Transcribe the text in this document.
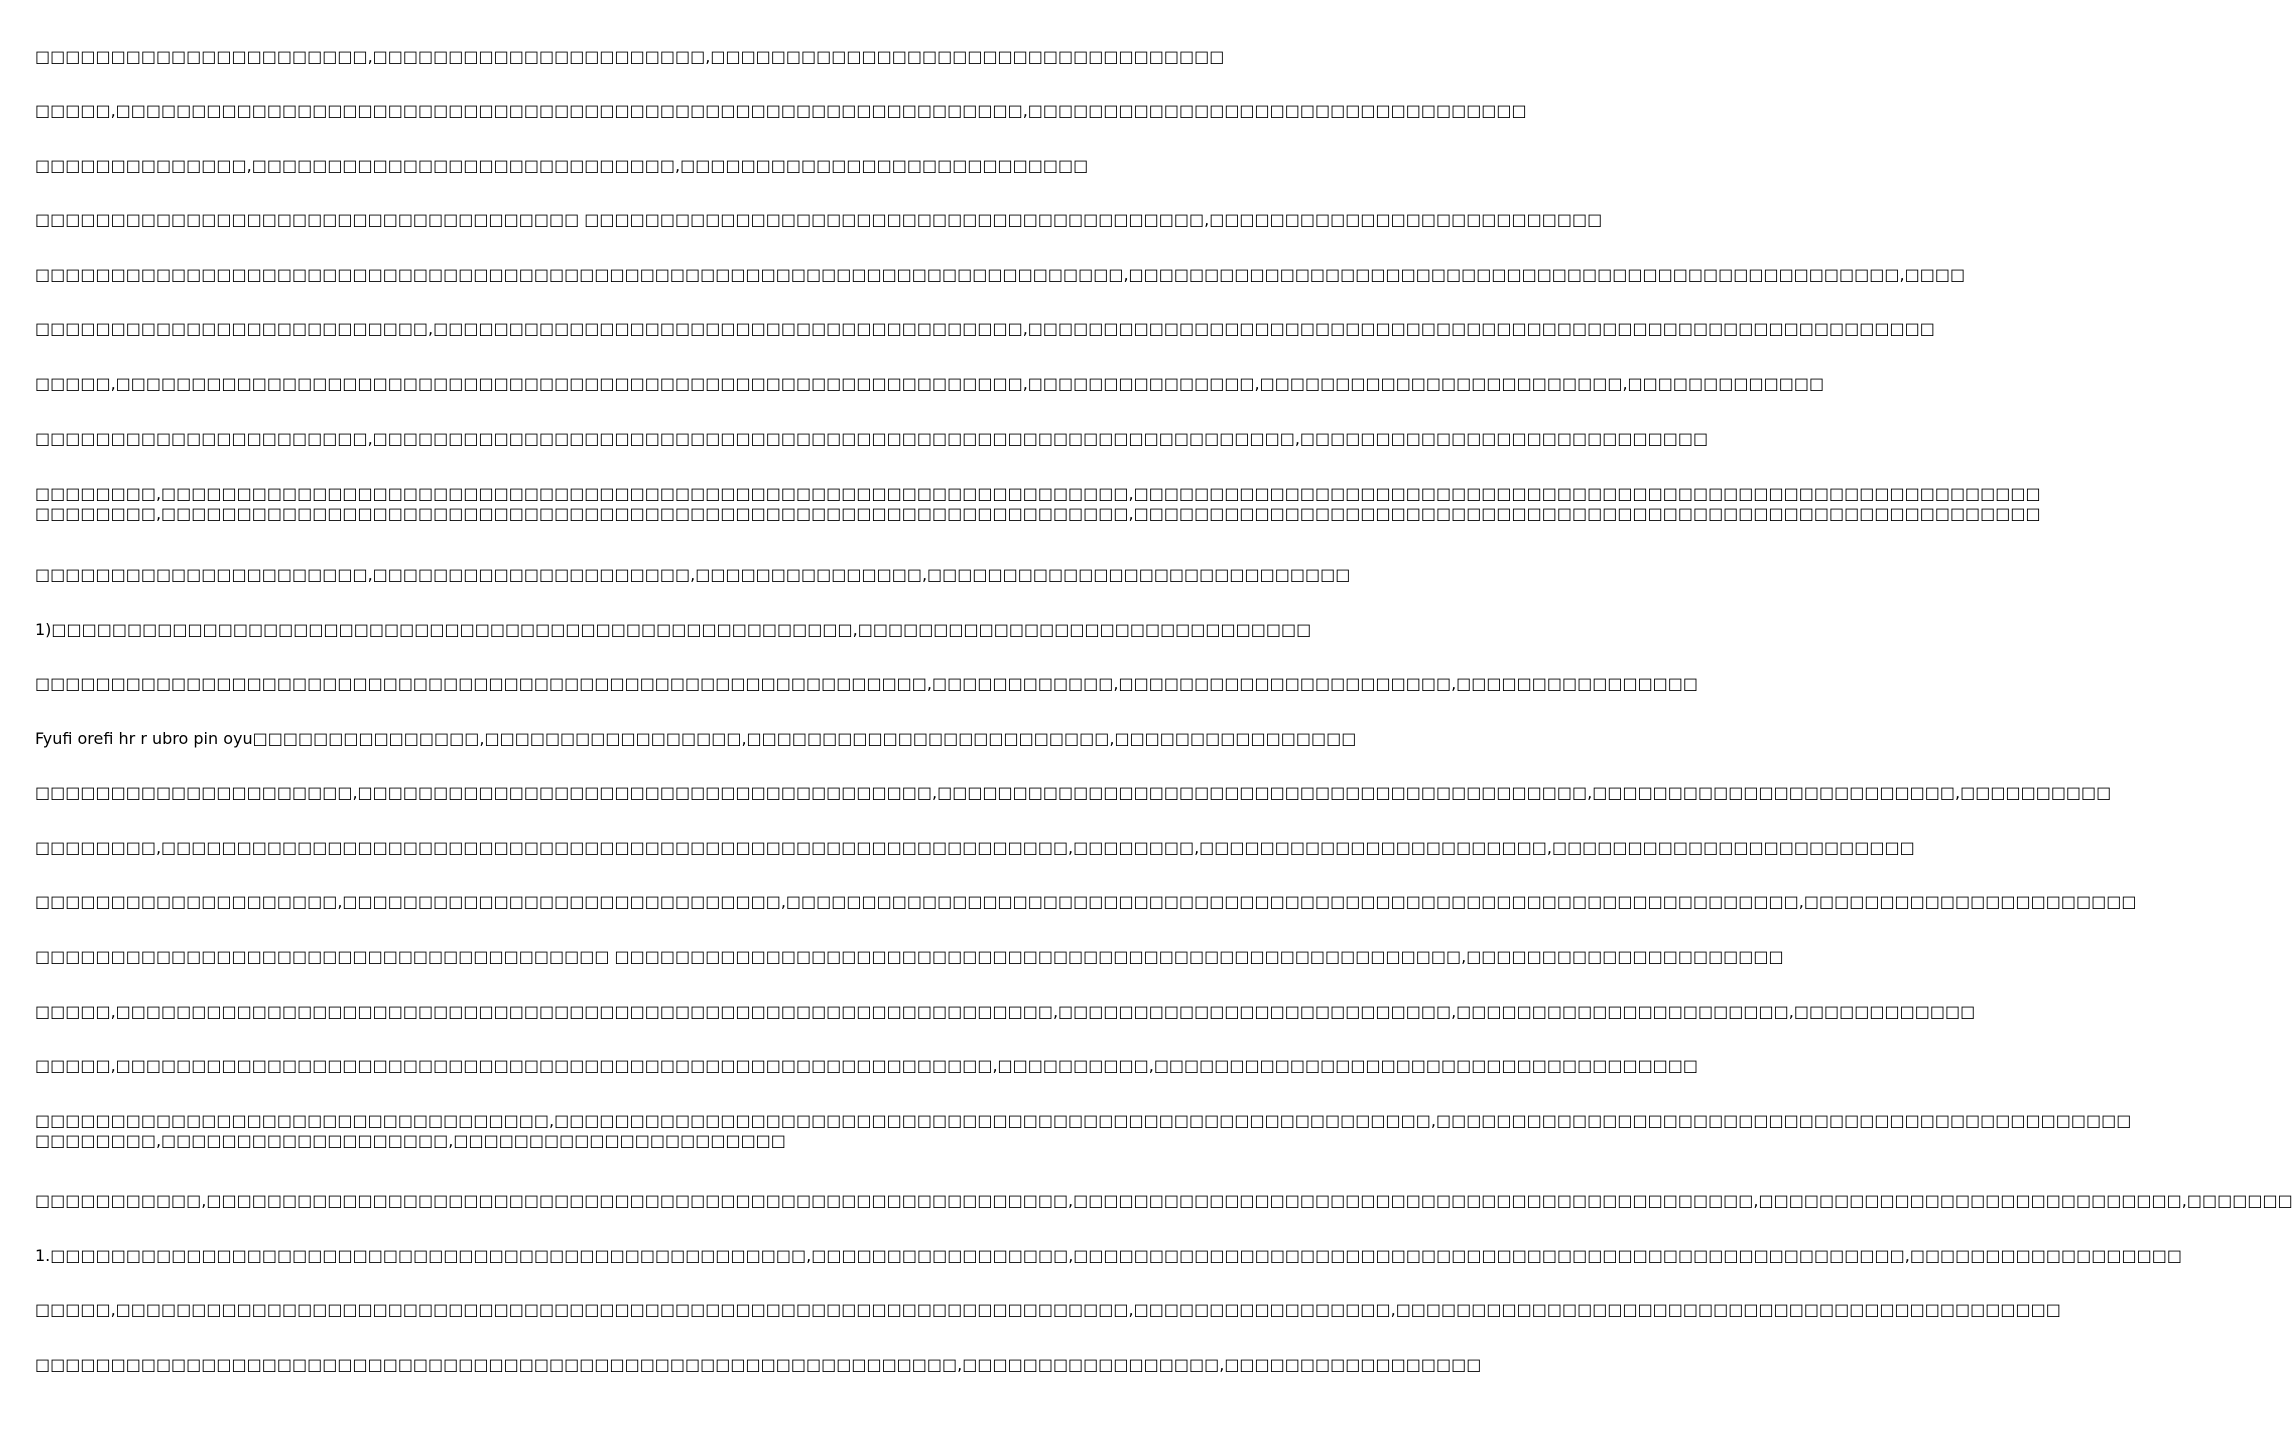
□□□□□□□□□□□□□□□□□□□□□□,□□□□□□□□□□□□□□□□□□□□□□,□□□□□□□□□□□□□□□□□□□□□□□□□□□□□□□□□□

□□□□□,□□□□□□□□□□□□□□□□□□□□□□□□□□□□□□□□□□□□□□□□□□□□□□□□□□□□□□□□□□□□,□□□□□□□□□□□□□□□□□□□□□□□□□□□□□□□□□

□□□□□□□□□□□□□□,□□□□□□□□□□□□□□□□□□□□□□□□□□□□,□□□□□□□□□□□□□□□□□□□□□□□□□□□

□□□□□□□□□□□□□□□□□□□□□□□□□□□□□□□□□□□□ □□□□□□□□□□□□□□□□□□□□□□□□□□□□□□□□□□□□□□□□□,□□□□□□□□□□□□□□□□□□□□□□□□□□

□□□□□□□□□□□□□□□□□□□□□□□□□□□□□□□□□□□□□□□□□□□□□□□□□□□□□□□□□□□□□□□□□□□□□□□□,□□□□□□□□□□□□□□□□□□□□□□□□□□□□□□□□□□□□□□□□□□□□□□□□□□□,□□□□

□□□□□□□□□□□□□□□□□□□□□□□□□□,□□□□□□□□□□□□□□□□□□□□□□□□□□□□□□□□□□□□□□□,□□□□□□□□□□□□□□□□□□□□□□□□□□□□□□□□□□□□□□□□□□□□□□□□□□□□□□□□□□□□

□□□□□,□□□□□□□□□□□□□□□□□□□□□□□□□□□□□□□□□□□□□□□□□□□□□□□□□□□□□□□□□□□□,□□□□□□□□□□□□□□□,□□□□□□□□□□□□□□□□□□□□□□□□,□□□□□□□□□□□□□

□□□□□□□□□□□□□□□□□□□□□□,□□□□□□□□□□□□□□□□□□□□□□□□□□□□□□□□□□□□□□□□□□□□□□□□□□□□□□□□□□□□□,□□□□□□□□□□□□□□□□□□□□□□□□□□□

□□□□□□□□,□□□□□□□□□□□□□□□□□□□□□□□□□□□□□□□□□□□□□□□□□□□□□□□□□□□□□□□□□□□□□□□□,□□□□□□□□□□□□□□□□□□□□□□□□□□□□□□□□□□□□□□□□□□□□□□□□□□□□□□□□□□□□
□□□□□□□□,□□□□□□□□□□□□□□□□□□□□□□□□□□□□□□□□□□□□□□□□□□□□□□□□□□□□□□□□□□□□□□□□,□□□□□□□□□□□□□□□□□□□□□□□□□□□□□□□□□□□□□□□□□□□□□□□□□□□□□□□□□□□□

□□□□□□□□□□□□□□□□□□□□□□,□□□□□□□□□□□□□□□□□□□□□,□□□□□□□□□□□□□□□,□□□□□□□□□□□□□□□□□□□□□□□□□□□□

1)□□□□□□□□□□□□□□□□□□□□□□□□□□□□□□□□□□□□□□□□□□□□□□□□□□□□□,□□□□□□□□□□□□□□□□□□□□□□□□□□□□□□

□□□□□□□□□□□□□□□□□□□□□□□□□□□□□□□□□□□□□□□□□□□□□□□□□□□□□□□□□□□,□□□□□□□□□□□□,□□□□□□□□□□□□□□□□□□□□□□,□□□□□□□□□□□□□□□□

Fyufi orefi hr r ubro pin oyu□□□□□□□□□□□□□□□,□□□□□□□□□□□□□□□□□,□□□□□□□□□□□□□□□□□□□□□□□□,□□□□□□□□□□□□□□□□

□□□□□□□□□□□□□□□□□□□□□,□□□□□□□□□□□□□□□□□□□□□□□□□□□□□□□□□□□□□□,□□□□□□□□□□□□□□□□□□□□□□□□□□□□□□□□□□□□□□□□□□□,□□□□□□□□□□□□□□□□□□□□□□□□,□□□□□□□□□□

□□□□□□□□,□□□□□□□□□□□□□□□□□□□□□□□□□□□□□□□□□□□□□□□□□□□□□□□□□□□□□□□□□□□□,□□□□□□□□,□□□□□□□□□□□□□□□□□□□□□□□,□□□□□□□□□□□□□□□□□□□□□□□□

□□□□□□□□□□□□□□□□□□□□,□□□□□□□□□□□□□□□□□□□□□□□□□□□□□,□□□□□□□□□□□□□□□□□□□□□□□□□□□□□□□□□□□□□□□□□□□□□□□□□□□□□□□□□□□□□□□□□□□,□□□□□□□□□□□□□□□□□□□□□□

□□□□□□□□□□□□□□□□□□□□□□□□□□□□□□□□□□□□□□ □□□□□□□□□□□□□□□□□□□□□□□□□□□□□□□□□□□□□□□□□□□□□□□□□□□□□□□□,□□□□□□□□□□□□□□□□□□□□□

□□□□□,□□□□□□□□□□□□□□□□□□□□□□□□□□□□□□□□□□□□□□□□□□□□□□□□□□□□□□□□□□□□□□,□□□□□□□□□□□□□□□□□□□□□□□□□□,□□□□□□□□□□□□□□□□□□□□□□,□□□□□□□□□□□□

□□□□□,□□□□□□□□□□□□□□□□□□□□□□□□□□□□□□□□□□□□□□□□□□□□□□□□□□□□□□□□□□,□□□□□□□□□□,□□□□□□□□□□□□□□□□□□□□□□□□□□□□□□□□□□□□

□□□□□□□□□□□□□□□□□□□□□□□□□□□□□□□□□□,□□□□□□□□□□□□□□□□□□□□□□□□□□□□□□□□□□□□□□□□□□□□□□□□□□□□□□□□□□,□□□□□□□□□□□□□□□□□□□□□□□□□□□□□□□□□□□□□□□□□□□□□□
□□□□□□□□,□□□□□□□□□□□□□□□□□□□,□□□□□□□□□□□□□□□□□□□□□□

□□□□□□□□□□□,□□□□□□□□□□□□□□□□□□□□□□□□□□□□□□□□□□□□□□□□□□□□□□□□□□□□□□□□□,□□□□□□□□□□□□□□□□□□□□□□□□□□□□□□□□□□□□□□□□□□□□□,□□□□□□□□□□□□□□□□□□□□□□□□□□□□,□□□□□□□

1.□□□□□□□□□□□□□□□□□□□□□□□□□□□□□□□□□□□□□□□□□□□□□□□□□□,□□□□□□□□□□□□□□□□□,□□□□□□□□□□□□□□□□□□□□□□□□□□□□□□□□□□□□□□□□□□□□□□□□□□□□□□□,□□□□□□□□□□□□□□□□□□

□□□□□,□□□□□□□□□□□□□□□□□□□□□□□□□□□□□□□□□□□□□□□□□□□□□□□□□□□□□□□□□□□□□□□□□□□,□□□□□□□□□□□□□□□□□,□□□□□□□□□□□□□□□□□□□□□□□□□□□□□□□□□□□□□□□□□□□□

□□□□□□□□□□□□□□□□□□□□□□□□□□□□□□□□□□□□□□□□□□□□□□□□□□□□□□□□□□□□□,□□□□□□□□□□□□□□□□□,□□□□□□□□□□□□□□□□□
